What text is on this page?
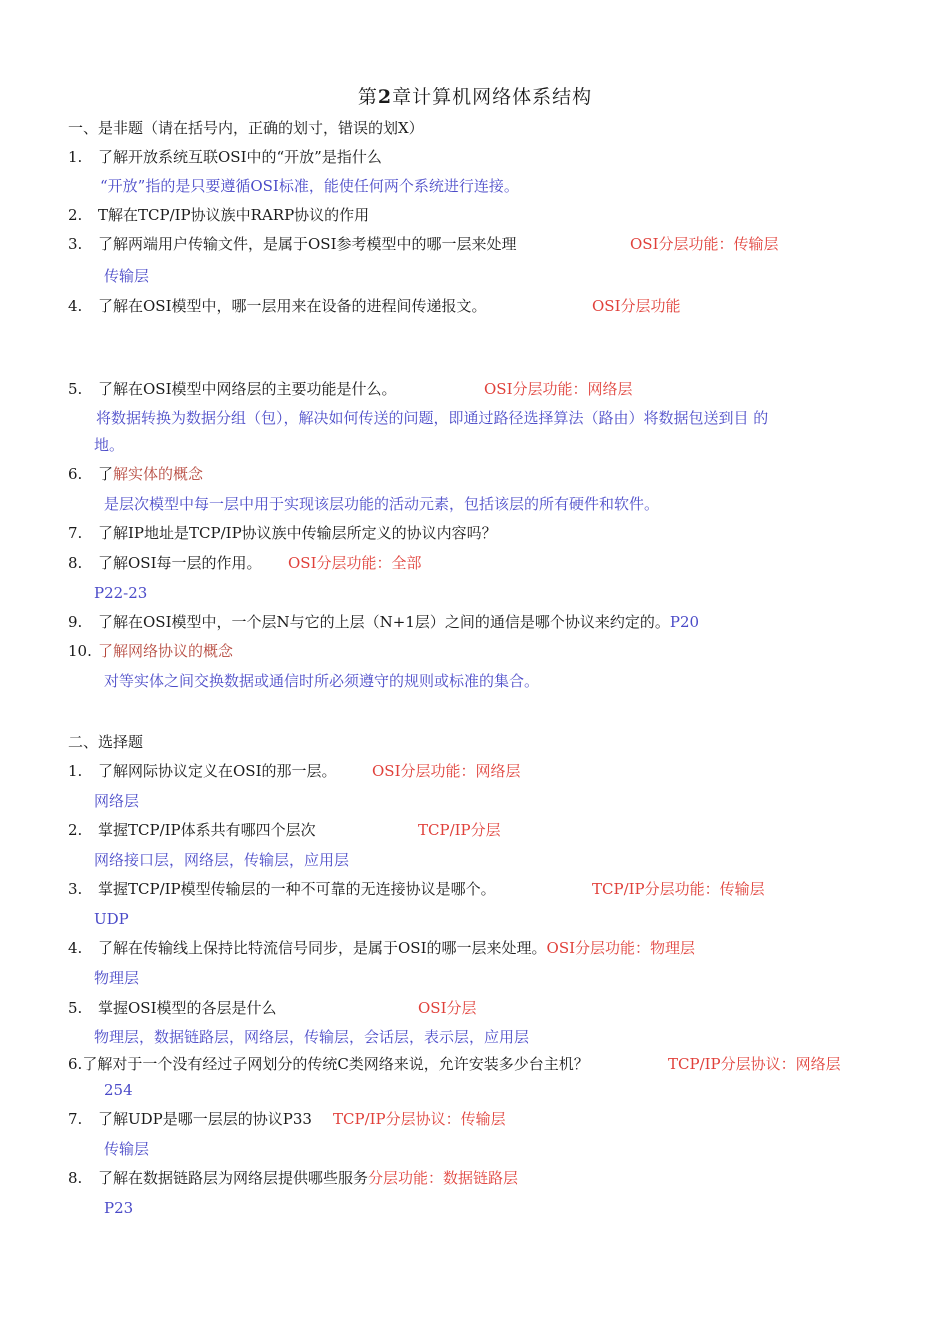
第2章计算机网络体系结构
一、是非题（请在括号内，正确的划寸，错误的划X）
1. 了解开放系统互联OSI中的“开放”是指什么
“开放”指的是只要遵循OSI标准，能使任何两个系统进行连接。
2. T解在TCP/IP协议族中RARP协议的作用
3. 了解两端用户传输文件，是属于OSI参考模型中的哪一层来处理	OSI分层功能：传输层
传输层
4. 了解在OSI模型中，哪一层用来在设备的进程间传递报文。	OSI分层功能
5. 了解在OSI模型中网络层的主要功能是什么。	OSI分层功能：网络层
将数据转换为数据分组（包），解决如何传送的问题，即通过路径选择算法（路由）将数据包送到目 的
地。
6. 了解实体的概念
是层次模型中每一层中用于实现该层功能的活动元素，包括该层的所有硬件和软件。
7. 了解IP地址是TCP/IP协议族中传输层所定义的协议内容吗？
8. 了解OSI每一层的作用。 OSI分层功能：全部
P22-23
9. 了解在OSI模型中，一个层N与它的上层（N+1层）之间的通信是哪个协议来约定的。P20
10. 了解网络协议的概念
对等实体之间交换数据或通信时所必须遵守的规则或标准的集合。
二、选择题
1. 了解网际协议定义在OSI的那一层。 OSI分层功能：网络层
网络层
2. 掌握TCP/IP体系共有哪四个层次	TCP/IP分层
网络接口层，网络层，传输层，应用层
3. 掌握TCP/IP模型传输层的一种不可靠的无连接协议是哪个。	TCP/IP分层功能：传输层
UDP
4. 了解在传输线上保持比特流信号同步，是属于OSI的哪一层来处理。OSI分层功能：物理层
物理层
5. 掌握OSI模型的各层是什么	OSI分层
物理层，数据链路层，网络层，传输层，会话层，表示层，应用层
6.了解对于一个没有经过子网划分的传统C类网络来说，允许安装多少台主机？	TCP/IP分层协议：网络层
254
7. 了解UDP是哪一层层的协议P33 TCP/IP分层协议：传输层
传输层
8. 了解在数据链路层为网络层提供哪些服务分层功能：数据链路层
P23
